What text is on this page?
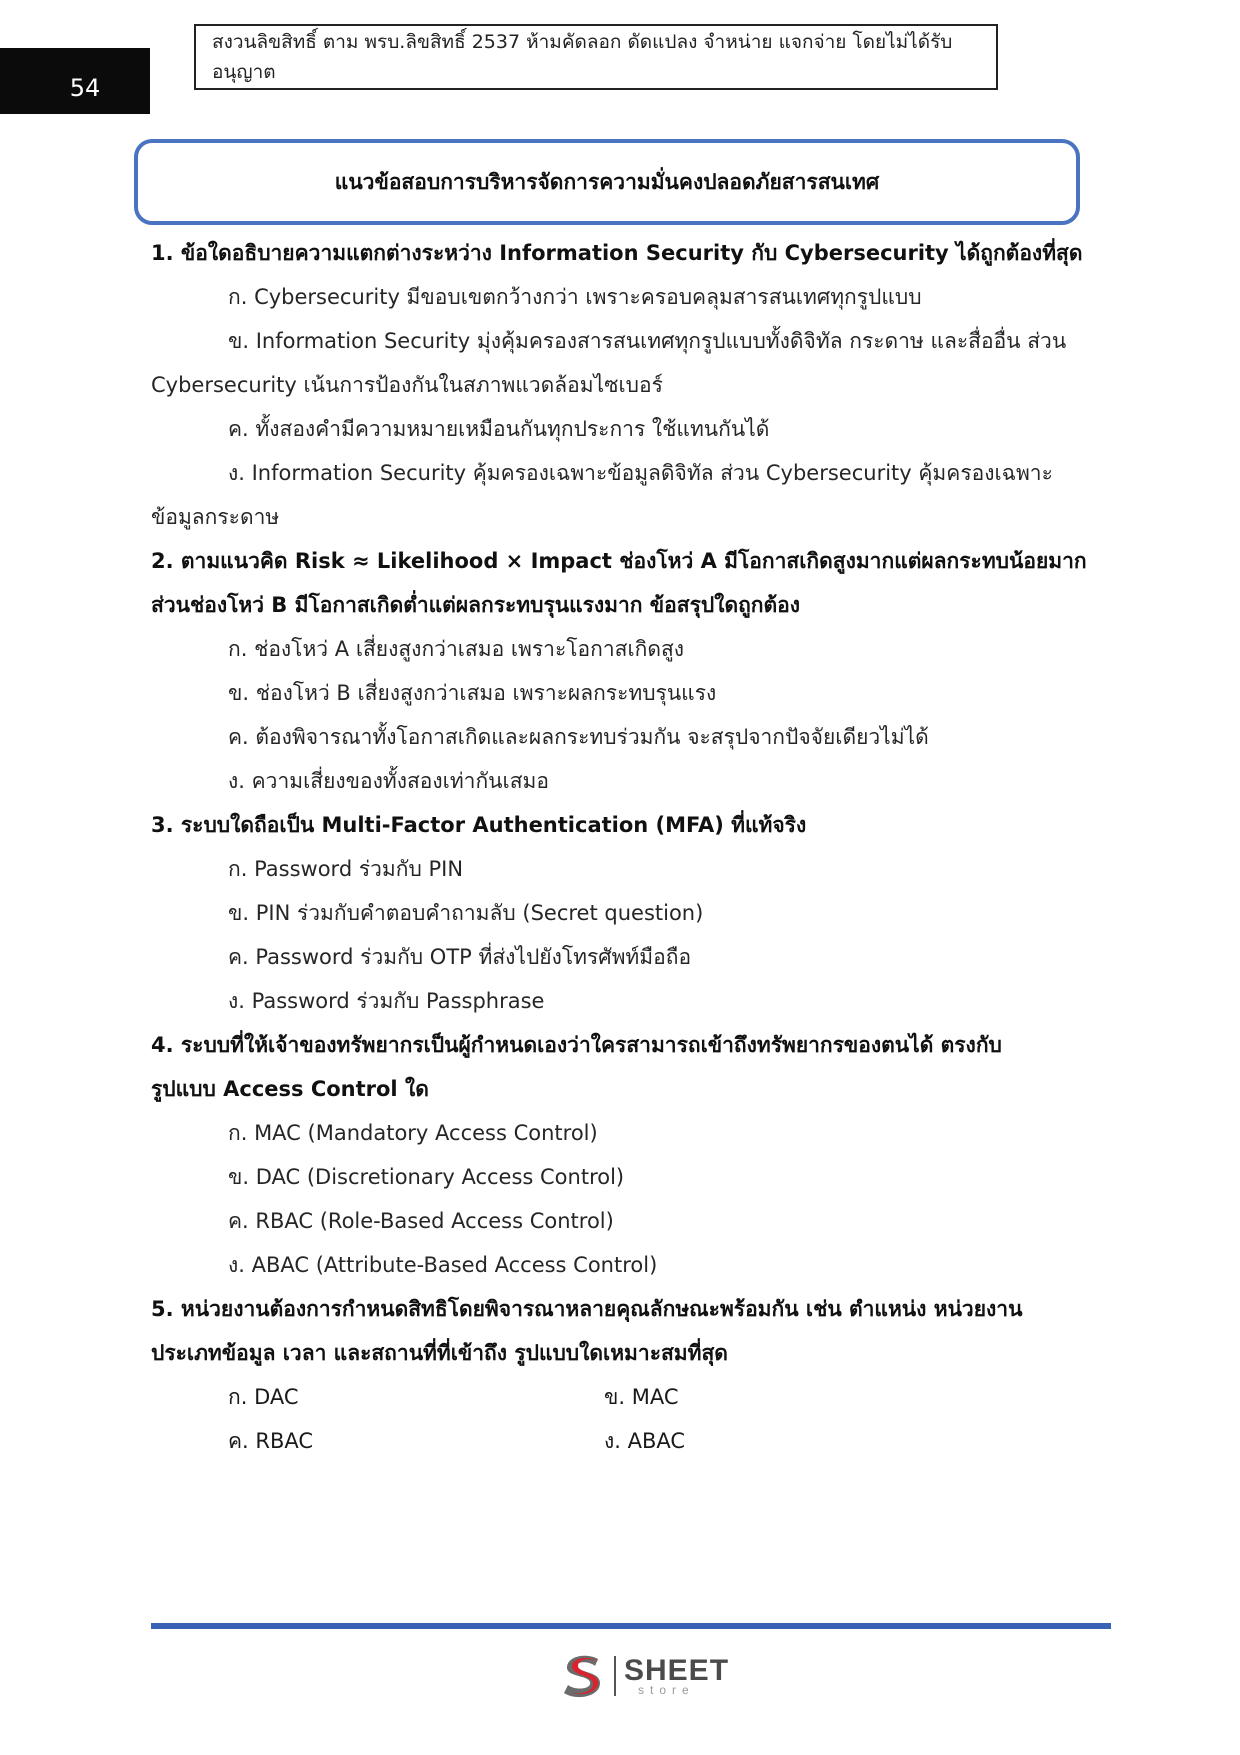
54
สงวนลิขสิทธิ์ ตาม พรบ.ลิขสิทธิ์ 2537 ห้ามคัดลอก ดัดแปลง จำหน่าย แจกจ่าย โดยไม่ได้รับอนุญาต
แนวข้อสอบการบริหารจัดการความมั่นคงปลอดภัยสารสนเทศ
1. ข้อใดอธิบายความแตกต่างระหว่าง Information Security กับ Cybersecurity ได้ถูกต้องที่สุด
ก. Cybersecurity มีขอบเขตกว้างกว่า เพราะครอบคลุมสารสนเทศทุกรูปแบบ
ข. Information Security มุ่งคุ้มครองสารสนเทศทุกรูปแบบทั้งดิจิทัล กระดาษ และสื่ออื่น ส่วน
Cybersecurity เน้นการป้องกันในสภาพแวดล้อมไซเบอร์
ค. ทั้งสองคำมีความหมายเหมือนกันทุกประการ ใช้แทนกันได้
ง. Information Security คุ้มครองเฉพาะข้อมูลดิจิทัล ส่วน Cybersecurity คุ้มครองเฉพาะ
ข้อมูลกระดาษ
2. ตามแนวคิด Risk ≈ Likelihood × Impact ช่องโหว่ A มีโอกาสเกิดสูงมากแต่ผลกระทบน้อยมาก
ส่วนช่องโหว่ B มีโอกาสเกิดต่ำแต่ผลกระทบรุนแรงมาก ข้อสรุปใดถูกต้อง
ก. ช่องโหว่ A เสี่ยงสูงกว่าเสมอ เพราะโอกาสเกิดสูง
ข. ช่องโหว่ B เสี่ยงสูงกว่าเสมอ เพราะผลกระทบรุนแรง
ค. ต้องพิจารณาทั้งโอกาสเกิดและผลกระทบร่วมกัน จะสรุปจากปัจจัยเดียวไม่ได้
ง. ความเสี่ยงของทั้งสองเท่ากันเสมอ
3. ระบบใดถือเป็น Multi-Factor Authentication (MFA) ที่แท้จริง
ก. Password ร่วมกับ PIN
ข. PIN ร่วมกับคำตอบคำถามลับ (Secret question)
ค. Password ร่วมกับ OTP ที่ส่งไปยังโทรศัพท์มือถือ
ง. Password ร่วมกับ Passphrase
4. ระบบที่ให้เจ้าของทรัพยากรเป็นผู้กำหนดเองว่าใครสามารถเข้าถึงทรัพยากรของตนได้ ตรงกับ
รูปแบบ Access Control ใด
ก. MAC (Mandatory Access Control)
ข. DAC (Discretionary Access Control)
ค. RBAC (Role-Based Access Control)
ง. ABAC (Attribute-Based Access Control)
5. หน่วยงานต้องการกำหนดสิทธิโดยพิจารณาหลายคุณลักษณะพร้อมกัน เช่น ตำแหน่ง หน่วยงาน
ประเภทข้อมูล เวลา และสถานที่ที่เข้าถึง รูปแบบใดเหมาะสมที่สุด
ก. DAC	ข. MAC
ค. RBAC	ง. ABAC
SHEET
store
